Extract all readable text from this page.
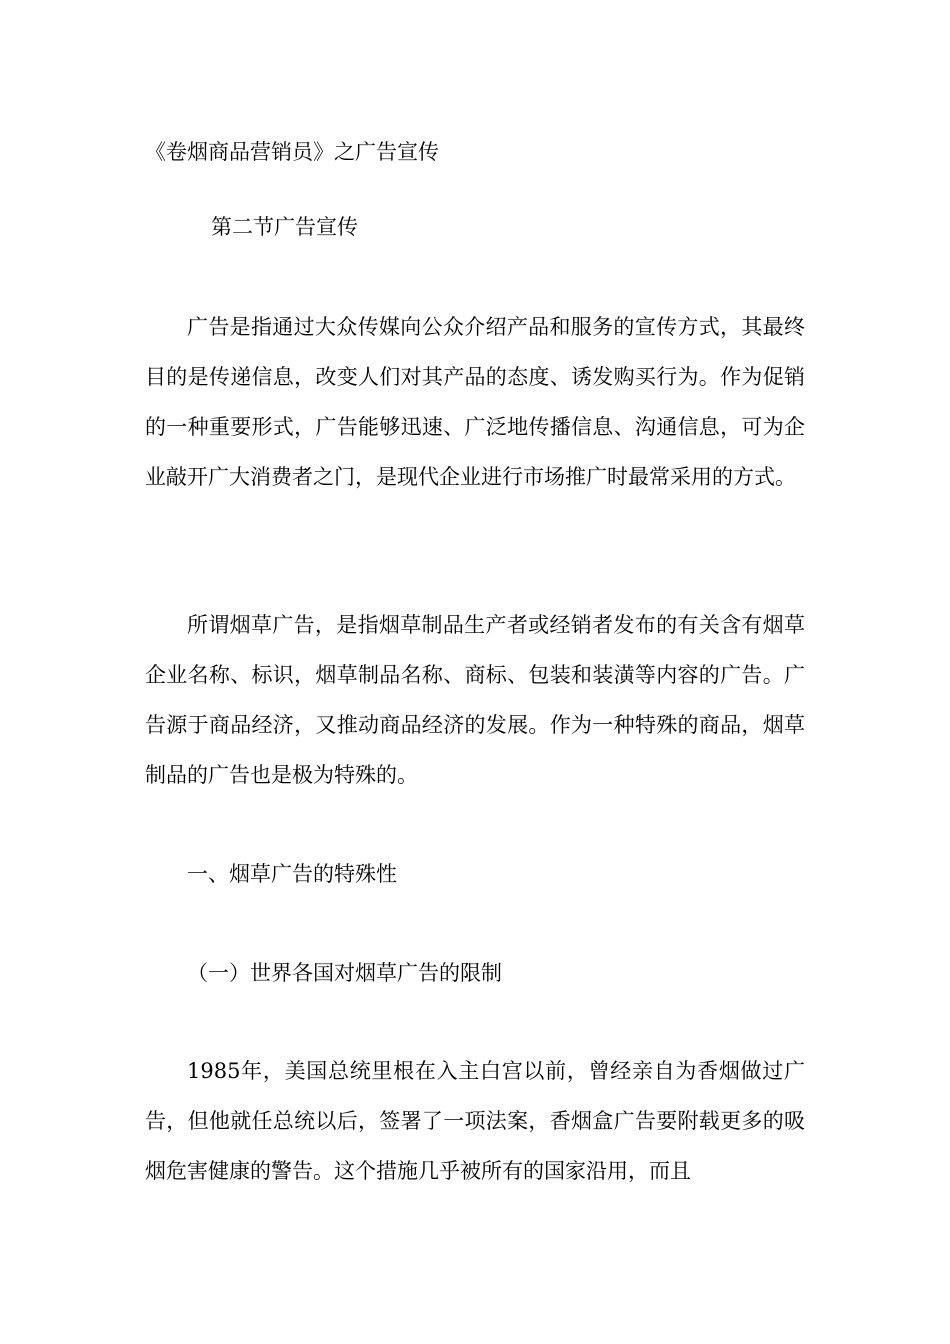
《卷烟商品营销员》之广告宣传

第二节广告宣传

广告是指通过大众传媒向公众介绍产品和服务的宣传方式，其最终目的是传递信息，改变人们对其产品的态度、诱发购买行为。作为促销的一种重要形式，广告能够迅速、广泛地传播信息、沟通信息，可为企业敲开广大消费者之门，是现代企业进行市场推广时最常采用的方式。

所谓烟草广告，是指烟草制品生产者或经销者发布的有关含有烟草企业名称、标识，烟草制品名称、商标、包装和装潢等内容的广告。广告源于商品经济，又推动商品经济的发展。作为一种特殊的商品，烟草制品的广告也是极为特殊的。

一、烟草广告的特殊性

（一）世界各国对烟草广告的限制

1985年，美国总统里根在入主白宫以前，曾经亲自为香烟做过广告，但他就任总统以后，签署了一项法案，香烟盒广告要附载更多的吸烟危害健康的警告。这个措施几乎被所有的国家沿用，而且
